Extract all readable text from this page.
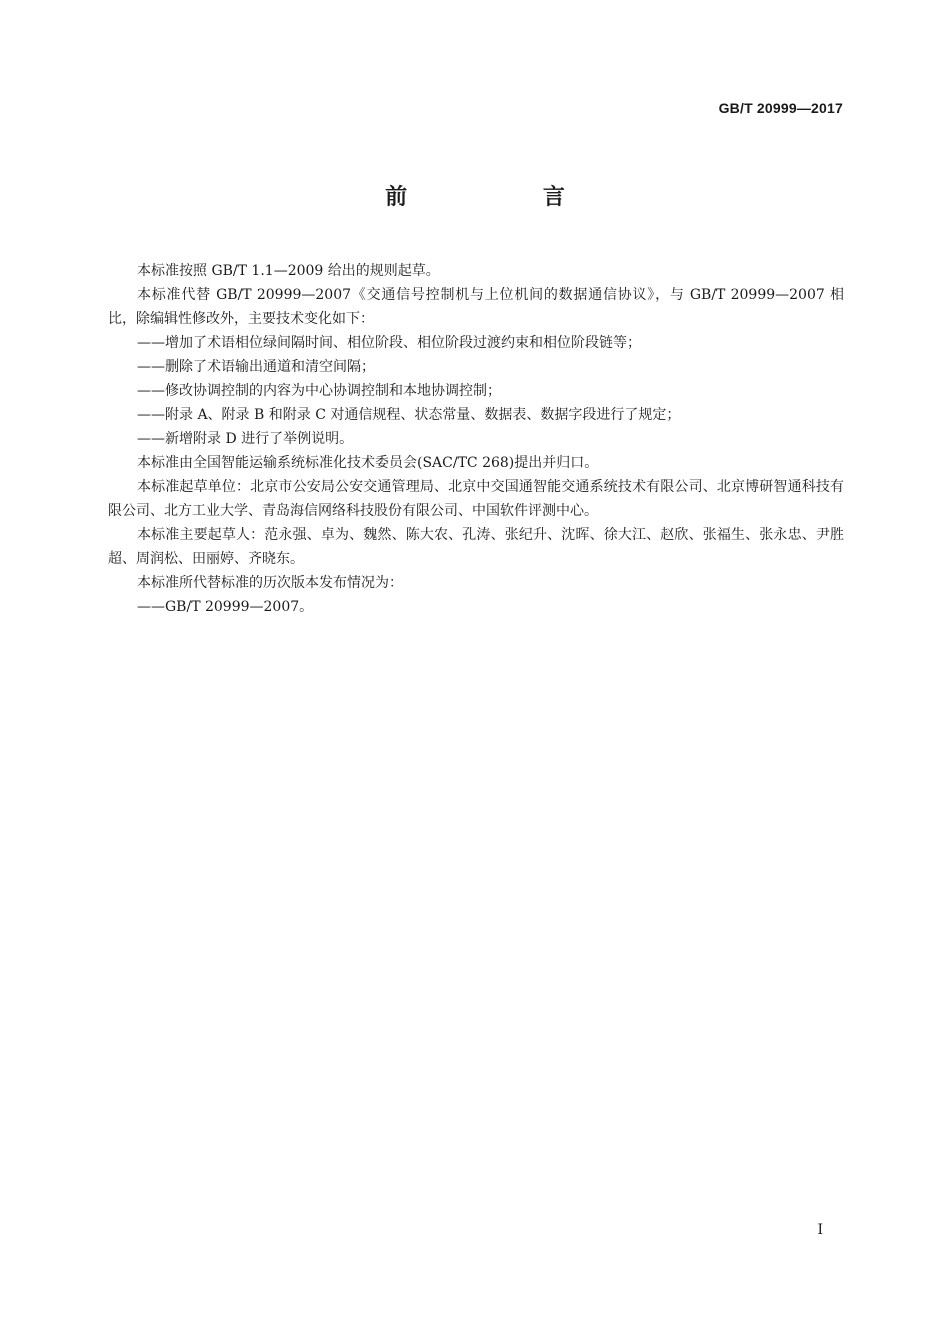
GB/T 20999—2017
前 言

本标准按照 GB/T 1.1—2009 给出的规则起草。

本标准代替 GB/T 20999—2007《交通信号控制机与上位机间的数据通信协议》，与 GB/T 20999—2007 相比，除编辑性修改外，主要技术变化如下：

——增加了术语相位绿间隔时间、相位阶段、相位阶段过渡约束和相位阶段链等；

——删除了术语输出通道和清空间隔；

——修改协调控制的内容为中心协调控制和本地协调控制；

——附录 A、附录 B 和附录 C 对通信规程、状态常量、数据表、数据字段进行了规定；

——新增附录 D 进行了举例说明。

本标准由全国智能运输系统标准化技术委员会(SAC/TC 268)提出并归口。

本标准起草单位：北京市公安局公安交通管理局、北京中交国通智能交通系统技术有限公司、北京博研智通科技有限公司、北方工业大学、青岛海信网络科技股份有限公司、中国软件评测中心。

本标准主要起草人：范永强、卓为、魏然、陈大农、孔涛、张纪升、沈晖、徐大江、赵欣、张福生、张永忠、尹胜超、周润松、田丽婷、齐晓东。

本标准所代替标准的历次版本发布情况为：

——GB/T 20999—2007。

I
